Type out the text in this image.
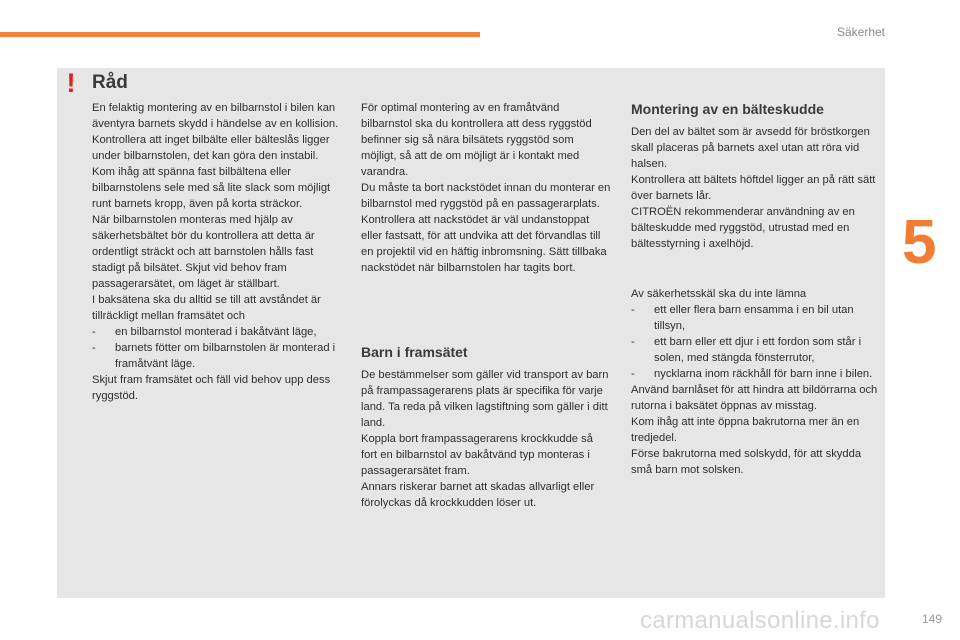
Säkerhet
5
! Råd

En felaktig montering av en bilbarnstol i bilen kan äventyra barnets skydd i händelse av en kollision.

Kontrollera att inget bilbälte eller bälteslås ligger under bilbarnstolen, det kan göra den instabil.

Kom ihåg att spänna fast bilbältena eller bilbarnstolens sele med så lite slack som möjligt runt barnets kropp, även på korta sträckor.

När bilbarnstolen monteras med hjälp av säkerhetsbältet bör du kontrollera att detta är ordentligt sträckt och att barnstolen hålls fast stadigt på bilsätet. Skjut vid behov fram passagerarsätet, om läget är ställbart.

I baksätena ska du alltid se till att avståndet är tillräckligt mellan framsätet och

- en bilbarnstol monterad i bakåtvänt läge,

- barnets fötter om bilbarnstolen är monterad i framåtvänt läge.

Skjut fram framsätet och fäll vid behov upp dess ryggstöd.

För optimal montering av en framåtvänd bilbarnstol ska du kontrollera att dess ryggstöd befinner sig så nära bilsätets ryggstöd som möjligt, så att de om möjligt är i kontakt med varandra.

Du måste ta bort nackstödet innan du monterar en bilbarnstol med ryggstöd på en passagerarplats.

Kontrollera att nackstödet är väl undanstoppat eller fastsatt, för att undvika att det förvandlas till en projektil vid en häftig inbromsning. Sätt tillbaka nackstödet när bilbarnstolen har tagits bort.

Barn i framsätet

De bestämmelser som gäller vid transport av barn på frampassagerarens plats är specifika för varje land. Ta reda på vilken lagstiftning som gäller i ditt land.

Koppla bort frampassagerarens krockkudde så fort en bilbarnstol av bakåtvänd typ monteras i passagerarsätet fram.

Annars riskerar barnet att skadas allvarligt eller förolyckas då krockkudden löser ut.

Montering av en bälteskudde

Den del av bältet som är avsedd för bröstkorgen skall placeras på barnets axel utan att röra vid halsen.

Kontrollera att bältets höftdel ligger an på rätt sätt över barnets lår.

CITROËN rekommenderar användning av en bälteskudde med ryggstöd, utrustad med en bältesstyrning i axelhöjd.

Av säkerhetsskäl ska du inte lämna

- ett eller flera barn ensamma i en bil utan tillsyn,

- ett barn eller ett djur i ett fordon som står i solen, med stängda fönsterrutor,

- nycklarna inom räckhåll för barn inne i bilen.

Använd barnlåset för att hindra att bildörrarna och rutorna i baksätet öppnas av misstag.

Kom ihåg att inte öppna bakrutorna mer än en tredjedel.

Förse bakrutorna med solskydd, för att skydda små barn mot solsken.

carmanualsonline.info	149
